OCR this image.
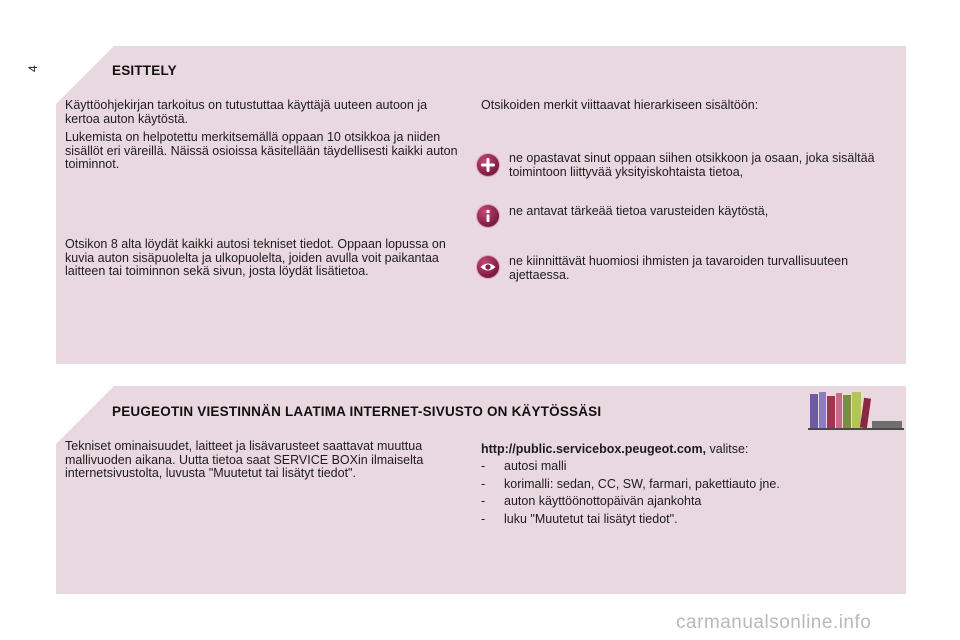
4	ESITTELY

Käyttöohjekirjan tarkoitus on tutustuttaa käyttäjä uuteen autoon ja kertoa auton käytöstä.

Lukemista on helpotettu merkitsemällä oppaan 10 otsikkoa ja niiden sisällöt eri väreillä. Näissä osioissa käsitellään täydellisesti kaikki auton toiminnot.

Otsikon 8 alta löydät kaikki autosi tekniset tiedot. Oppaan lopussa on kuvia auton sisäpuolelta ja ulkopuolelta, joiden avulla voit paikantaa laitteen tai toiminnon sekä sivun, josta löydät lisätietoa.
Otsikoiden merkit viittaavat hierarkiseen sisältöön:
ne opastavat sinut oppaan siihen otsikkoon ja osaan, joka sisältää toimintoon liittyvää yksityiskohtaista tietoa,
ne antavat tärkeää tietoa varusteiden käytöstä,
ne kiinnittävät huomiosi ihmisten ja tavaroiden turvallisuuteen ajettaessa.
PEUGEOTIN VIESTINNÄN LAATIMA INTERNET-SIVUSTO ON KÄYTÖSSÄSI
Tekniset ominaisuudet, laitteet ja lisävarusteet saattavat muuttua mallivuoden aikana. Uutta tietoa saat SERVICE BOXin ilmaiselta internetsivustolta, luvusta "Muutetut tai lisätyt tiedot".
http://public.servicebox.peugeot.com, valitse:
-	autosi malli
-	korimalli: sedan, CC, SW, farmari, pakettiauto jne.
-	auton käyttöönottopäivän ajankohta
-	luku "Muutetut tai lisätyt tiedot".
carmanualsonline.info
